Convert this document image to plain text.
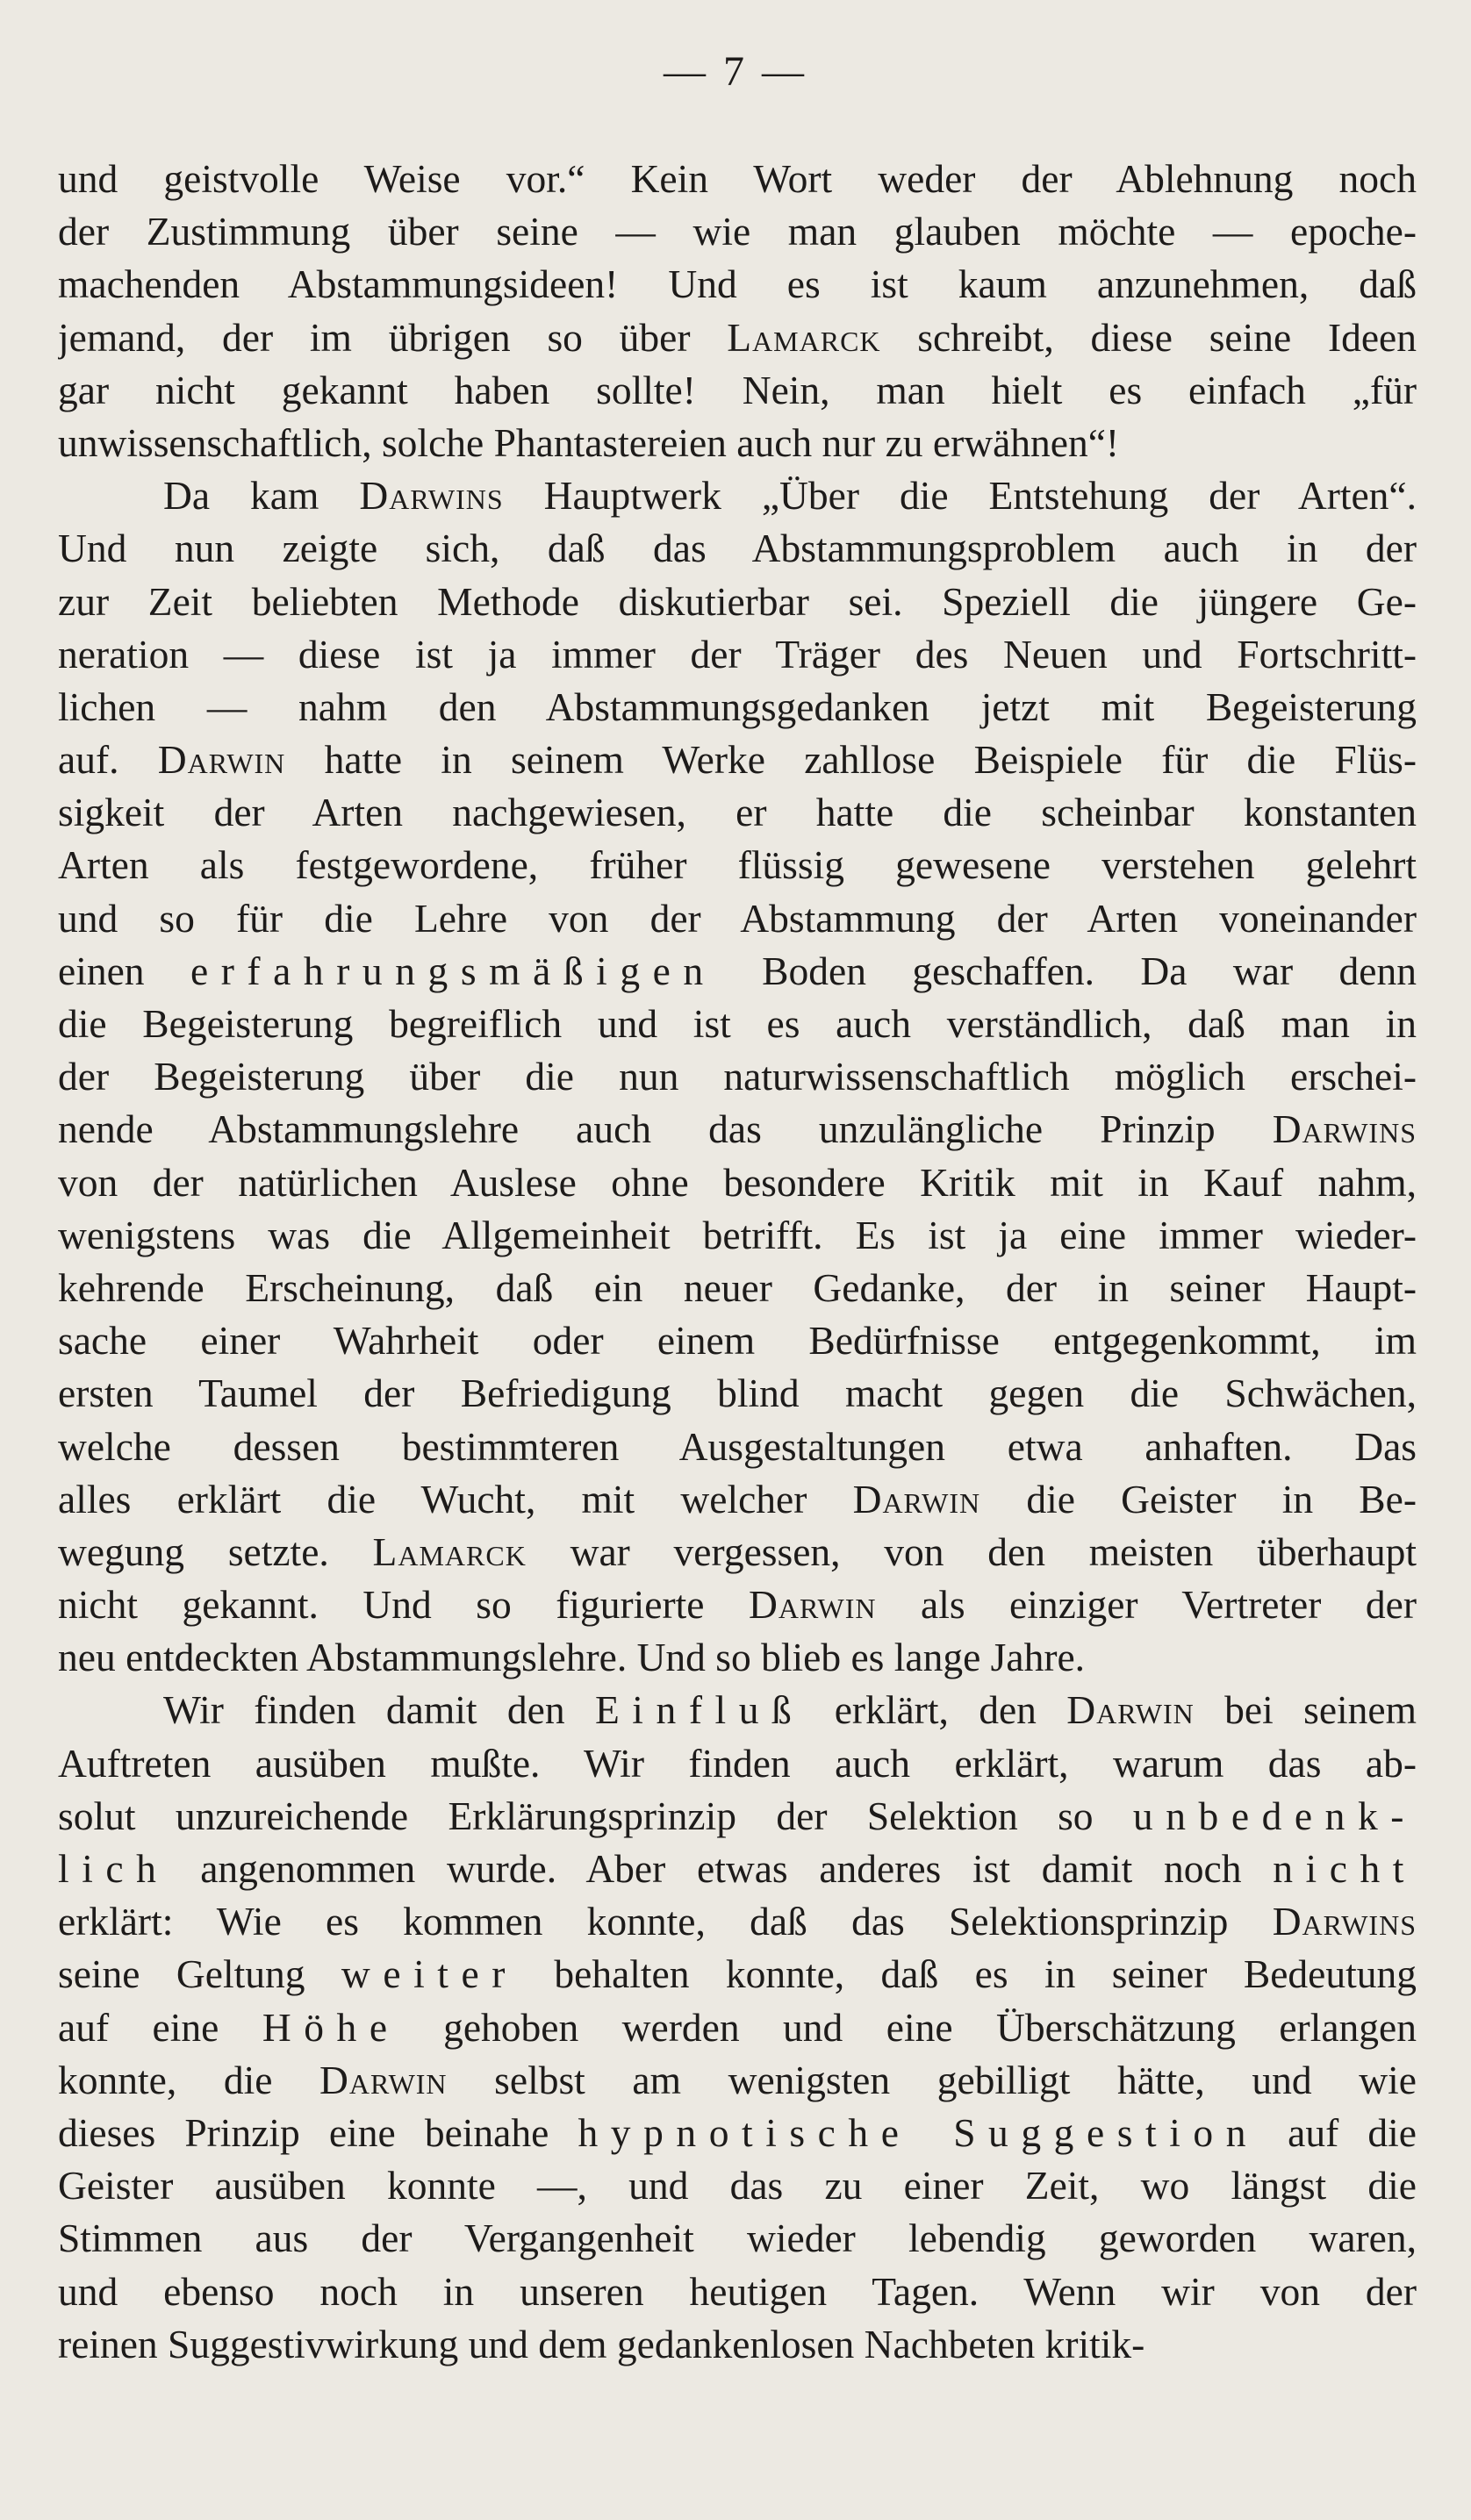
— 7 —
und geistvolle Weise vor.“ Kein Wort weder der Ablehnung noch
der Zustimmung über seine — wie man glauben möchte — epoche-
machenden Abstammungsideen! Und es ist kaum anzunehmen, daß
jemand, der im übrigen so über Lamarck schreibt, diese seine Ideen
gar nicht gekannt haben sollte! Nein, man hielt es einfach „für
unwissenschaftlich, solche Phantastereien auch nur zu erwähnen“!
Da kam Darwins Hauptwerk „Über die Entstehung der Arten“.
Und nun zeigte sich, daß das Abstammungsproblem auch in der
zur Zeit beliebten Methode diskutierbar sei. Speziell die jüngere Ge-
neration — diese ist ja immer der Träger des Neuen und Fortschritt-
lichen — nahm den Abstammungsgedanken jetzt mit Begeisterung
auf. Darwin hatte in seinem Werke zahllose Beispiele für die Flüs-
sigkeit der Arten nachgewiesen, er hatte die scheinbar konstanten
Arten als festgewordene, früher flüssig gewesene verstehen gelehrt
und so für die Lehre von der Abstammung der Arten voneinander
einen erfahrungsmäßigen Boden geschaffen. Da war denn
die Begeisterung begreiflich und ist es auch verständlich, daß man in
der Begeisterung über die nun naturwissenschaftlich möglich erschei-
nende Abstammungslehre auch das unzulängliche Prinzip Darwins
von der natürlichen Auslese ohne besondere Kritik mit in Kauf nahm,
wenigstens was die Allgemeinheit betrifft. Es ist ja eine immer wieder-
kehrende Erscheinung, daß ein neuer Gedanke, der in seiner Haupt-
sache einer Wahrheit oder einem Bedürfnisse entgegenkommt, im
ersten Taumel der Befriedigung blind macht gegen die Schwächen,
welche dessen bestimmteren Ausgestaltungen etwa anhaften. Das
alles erklärt die Wucht, mit welcher Darwin die Geister in Be-
wegung setzte. Lamarck war vergessen, von den meisten überhaupt
nicht gekannt. Und so figurierte Darwin als einziger Vertreter der
neu entdeckten Abstammungslehre. Und so blieb es lange Jahre.
Wir finden damit den Einfluß erklärt, den Darwin bei seinem
Auftreten ausüben mußte. Wir finden auch erklärt, warum das ab-
solut unzureichende Erklärungsprinzip der Selektion so unbedenk-
lich angenommen wurde. Aber etwas anderes ist damit noch nicht
erklärt: Wie es kommen konnte, daß das Selektionsprinzip Darwins
seine Geltung weiter behalten konnte, daß es in seiner Bedeutung
auf eine Höhe gehoben werden und eine Überschätzung erlangen
konnte, die Darwin selbst am wenigsten gebilligt hätte, und wie
dieses Prinzip eine beinahe hypnotische Suggestion auf die
Geister ausüben konnte —, und das zu einer Zeit, wo längst die
Stimmen aus der Vergangenheit wieder lebendig geworden waren,
und ebenso noch in unseren heutigen Tagen. Wenn wir von der
reinen Suggestivwirkung und dem gedankenlosen Nachbeten kritik-
